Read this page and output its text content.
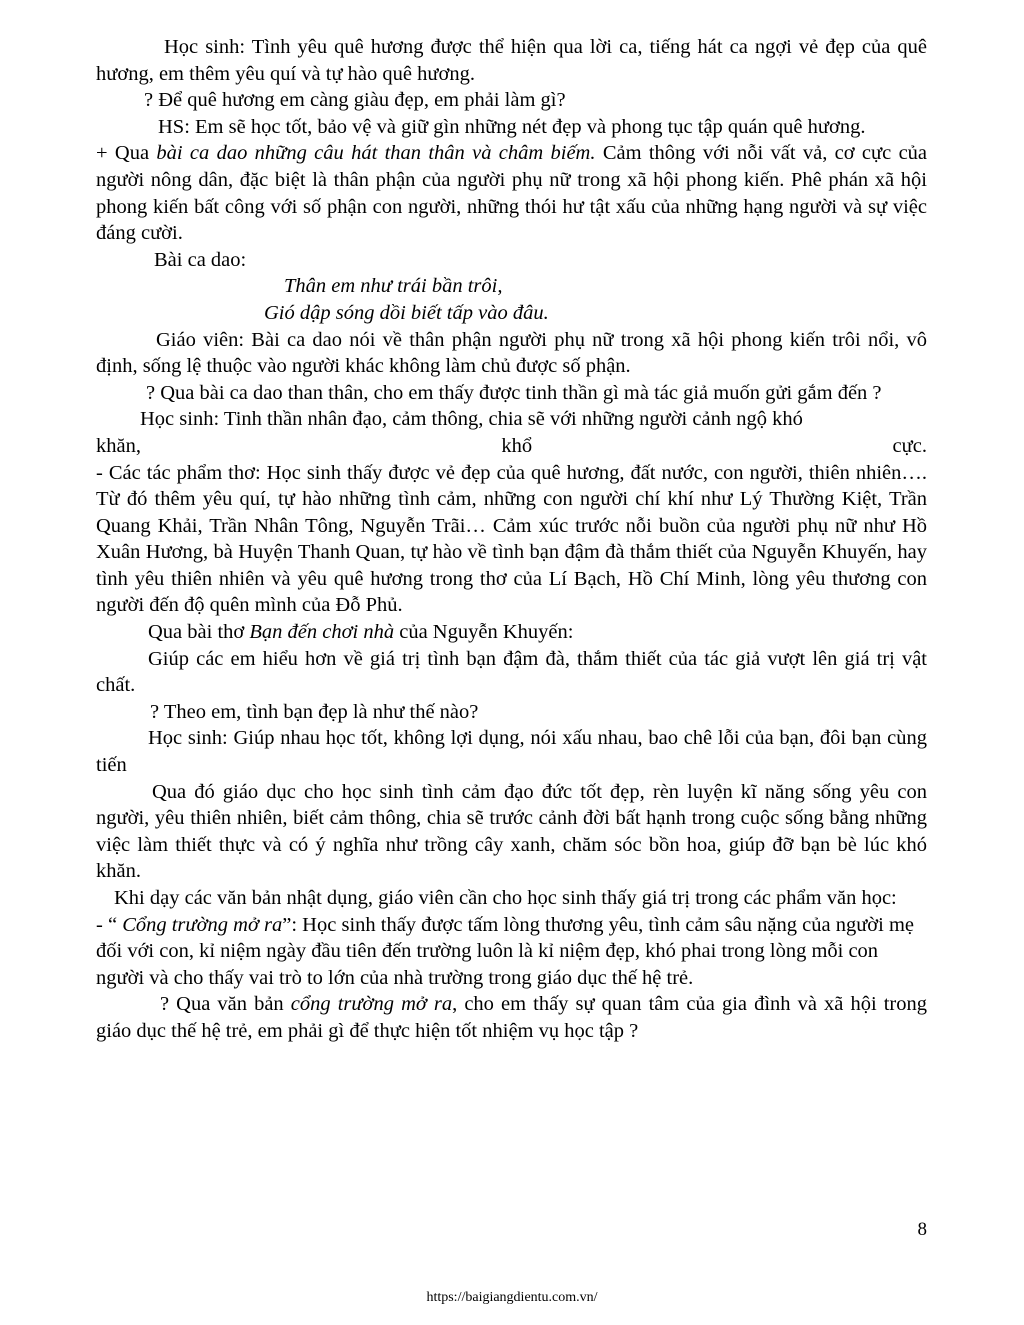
Học sinh: Tình yêu quê hương được thể hiện qua lời ca, tiếng hát ca ngợi vẻ đẹp của quê hương, em thêm yêu quí và tự hào quê hương.

? Để quê hương em càng giàu đẹp, em phải làm gì?

HS: Em sẽ học tốt, bảo vệ và giữ gìn những nét đẹp và phong tục tập quán quê hương.

+ Qua bài ca dao những câu hát than thân và châm biếm. Cảm thông với nỗi vất vả, cơ cực của người nông dân, đặc biệt là thân phận của người phụ nữ trong xã hội phong kiến. Phê phán xã hội phong kiến bất công với số phận con người, những thói hư tật xấu của những hạng người và sự việc đáng cười.

Bài ca dao:

Thân em như trái bần trôi,

Gió dập sóng dồi biết tấp vào đâu.

Giáo viên: Bài ca dao nói về thân phận người phụ nữ trong xã hội phong kiến trôi nổi, vô định, sống lệ thuộc vào người khác không làm chủ được số phận.

? Qua bài ca dao than thân, cho em thấy được tinh thần gì mà tác giả muốn gửi gắm đến ?

Học sinh: Tinh thần nhân đạo, cảm thông, chia sẽ với những người cảnh ngộ khó

khăn,	khổ	cực.

- Các tác phẩm thơ: Học sinh thấy được vẻ đẹp của quê hương, đất nước, con người, thiên nhiên…. Từ đó thêm yêu quí, tự hào những tình cảm, những con người chí khí như Lý Thường Kiệt, Trần Quang Khải, Trần Nhân Tông, Nguyễn Trãi… Cảm xúc trước nỗi buồn của người phụ nữ như Hồ Xuân Hương, bà Huyện Thanh Quan, tự hào về tình bạn đậm đà thắm thiết của Nguyễn Khuyến, hay tình yêu thiên nhiên và yêu quê hương trong thơ của Lí Bạch, Hồ Chí Minh, lòng yêu thương con người đến độ quên mình của Đỗ Phủ.

Qua bài thơ Bạn đến chơi nhà của Nguyễn Khuyến:

Giúp các em hiểu hơn về giá trị tình bạn đậm đà, thắm thiết của tác giả vượt lên giá trị vật chất.

? Theo em, tình bạn đẹp là như thế nào?

Học sinh: Giúp nhau học tốt, không lợi dụng, nói xấu nhau, bao chê lỗi của bạn, đôi bạn cùng tiến

Qua đó giáo dục cho học sinh tình cảm đạo đức tốt đẹp, rèn luyện kĩ năng sống yêu con người, yêu thiên nhiên, biết cảm thông, chia sẽ trước cảnh đời bất hạnh trong cuộc sống bằng những việc làm thiết thực và có ý nghĩa như trồng cây xanh, chăm sóc bồn hoa, giúp đỡ bạn bè lúc khó khăn.

Khi dạy các văn bản nhật dụng, giáo viên cần cho học sinh thấy giá trị trong các phẩm văn học:

- “ Cổng trường mở ra”: Học sinh thấy được tấm lòng thương yêu, tình cảm sâu nặng của người mẹ đối với con, kỉ niệm ngày đầu tiên đến trường luôn là kỉ niệm đẹp, khó phai trong lòng mỗi con người và cho thấy vai trò to lớn của nhà trường trong giáo dục thế hệ trẻ.

? Qua văn bản cổng trường mở ra, cho em thấy sự quan tâm của gia đình và xã hội trong giáo dục thế hệ trẻ, em phải gì để thực hiện tốt nhiệm vụ học tập ?

8
https://baigiangdientu.com.vn/
